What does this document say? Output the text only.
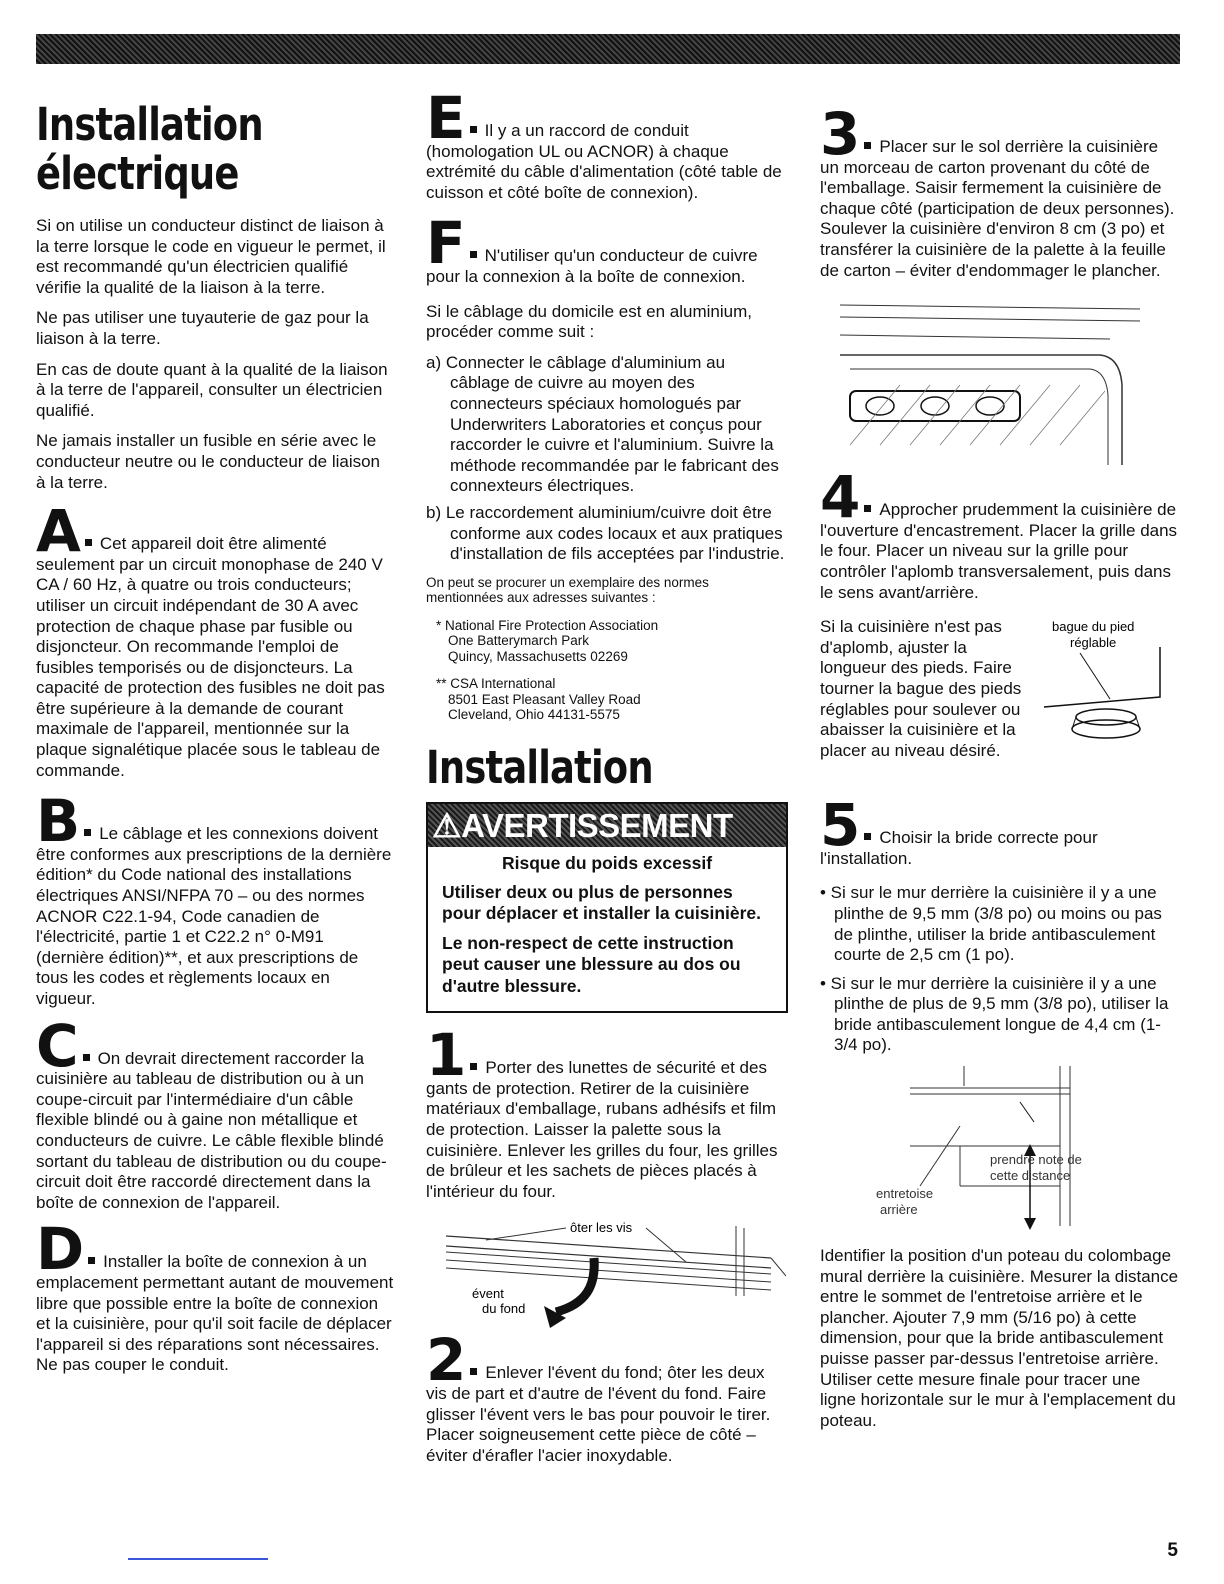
Installation
électrique

Si on utilise un conducteur distinct de liaison à la terre lorsque le code en vigueur le permet, il est recommandé qu'un électricien qualifié vérifie la qualité de la liaison à la terre.

Ne pas utiliser une tuyauterie de gaz pour la liaison à la terre.

En cas de doute quant à la qualité de la liaison à la terre de l'appareil, consulter un électricien qualifié.

Ne jamais installer un fusible en série avec le conducteur neutre ou le conducteur de liaison à la terre.

A Cet appareil doit être alimenté seulement par un circuit monophase de 240 V CA / 60 Hz, à quatre ou trois conducteurs; utiliser un circuit indépendant de 30 A avec protection de chaque phase par fusible ou disjoncteur. On recommande l'emploi de fusibles temporisés ou de disjoncteurs. La capacité de protection des fusibles ne doit pas être supérieure à la demande de courant maximale de l'appareil, mentionnée sur la plaque signalétique placée sous le tableau de commande.
B Le câblage et les connexions doivent être conformes aux prescriptions de la dernière édition* du Code national des installations électriques ANSI/NFPA 70 – ou des normes ACNOR C22.1-94, Code canadien de l'électricité, partie 1 et C22.2 n° 0-M91 (dernière édition)**, et aux prescriptions de tous les codes et règlements locaux en vigueur.
C On devrait directement raccorder la cuisinière au tableau de distribution ou à un coupe-circuit par l'intermédiaire d'un câble flexible blindé ou à gaine non métallique et conducteurs de cuivre. Le câble flexible blindé sortant du tableau de distribution ou du coupe-circuit doit être raccordé directement dans la boîte de connexion de l'appareil.
D Installer la boîte de connexion à un emplacement permettant autant de mouvement libre que possible entre la boîte de connexion et la cuisinière, pour qu'il soit facile de déplacer l'appareil si des réparations sont nécessaires. Ne pas couper le conduit.
E Il y a un raccord de conduit (homologation UL ou ACNOR) à chaque extrémité du câble d'alimentation (côté table de cuisson et côté boîte de connexion).
F N'utiliser qu'un conducteur de cuivre pour la connexion à la boîte de connexion.

Si le câblage du domicile est en aluminium, procéder comme suit :

a) Connecter le câblage d'aluminium au câblage de cuivre au moyen des connecteurs spéciaux homologués par Underwriters Laboratories et conçus pour raccorder le cuivre et l'aluminium. Suivre la méthode recommandée par le fabricant des connexteurs électriques.
b) Le raccordement aluminium/cuivre doit être conforme aux codes locaux et aux pratiques d'installation de fils acceptées par l'industrie.

On peut se procurer un exemplaire des normes mentionnées aux adresses suivantes :

* National Fire Protection Association
One Batterymarch Park
Quincy, Massachusetts 02269
** CSA International
8501 East Pleasant Valley Road
Cleveland, Ohio 44131-5575
Installation
⚠AVERTISSEMENT
Risque du poids excessif
Utiliser deux ou plus de personnes pour déplacer et installer la cuisinière.
Le non-respect de cette instruction peut causer une blessure au dos ou d'autre blessure.
1 Porter des lunettes de sécurité et des gants de protection. Retirer de la cuisinière matériaux d'emballage, rubans adhésifs et film de protection. Laisser la palette sous la cuisinière. Enlever les grilles du four, les grilles de brûleur et les sachets de pièces placés à l'intérieur du four.
ôter les vis
évent
du fond
2 Enlever l'évent du fond; ôter les deux vis de part et d'autre de l'évent du fond. Faire glisser l'évent vers le bas pour pouvoir le tirer. Placer soigneusement cette pièce de côté – éviter d'érafler l'acier inoxydable.
3 Placer sur le sol derrière la cuisinière un morceau de carton provenant du côté de l'emballage. Saisir fermement la cuisinière de chaque côté (participation de deux personnes). Soulever la cuisinière d'environ 8 cm (3 po) et transférer la cuisinière de la palette à la feuille de carton – éviter d'endommager le plancher.
4 Approcher prudemment la cuisinière de l'ouverture d'encastrement. Placer la grille dans le four. Placer un niveau sur la grille pour contrôler l'aplomb transversalement, puis dans le sens avant/arrière.

Si la cuisinière n'est pas d'aplomb, ajuster la longueur des pieds. Faire tourner la bague des pieds réglables pour soulever ou abaisser la cuisinière et la placer au niveau désiré.

bague du pied
réglable
5 Choisir la bride correcte pour l'installation.
• Si sur le mur derrière la cuisinière il y a une plinthe de 9,5 mm (3/8 po) ou moins ou pas de plinthe, utiliser la bride antibasculement courte de 2,5 cm (1 po).
• Si sur le mur derrière la cuisinière il y a une plinthe de plus de 9,5 mm (3/8 po), utiliser la bride antibasculement longue de 4,4 cm (1-3/4 po).
prendre note de
cette distance
entretoise
arrière

Identifier la position d'un poteau du colombage mural derrière la cuisinière. Mesurer la distance entre le sommet de l'entretoise arrière et le plancher. Ajouter 7,9 mm (5/16 po) à cette dimension, pour que la bride antibasculement puisse passer par-dessus l'entretoise arrière. Utiliser cette mesure finale pour tracer une ligne horizontale sur le mur à l'emplacement du poteau.

5
